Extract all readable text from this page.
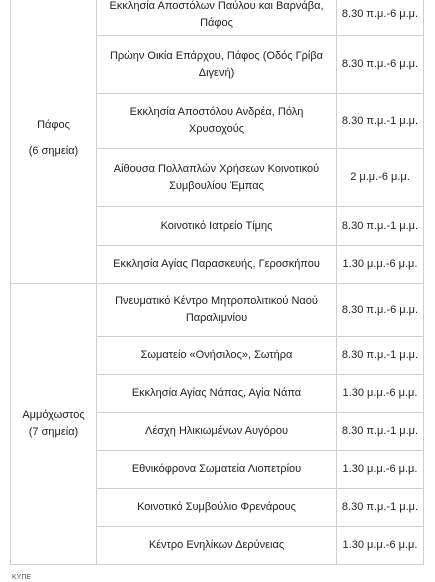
Πάφος
(6 σημεία)	Εκκλησία Αποστόλων Παύλου και Βαρνάβα, Πάφος	8.30 π.μ.-6 μ.μ.
	Πρώην Οικία Επάρχου, Πάφος (Οδός Γρίβα Διγενή)	8.30 π.μ.-6 μ.μ.
	Εκκλησία Αποστόλου Ανδρέα, Πόλη Χρυσοχούς	8.30 π.μ.-1 μ.μ.
	Αίθουσα Πολλαπλών Χρήσεων Κοινοτικού Συμβουλίου Έμπας	2 μ.μ.-6 μ.μ.
	Κοινοτικό Ιατρείο Τίμης	8.30 π.μ.-1 μ.μ.
	Εκκλησία Αγίας Παρασκευής, Γεροσκήπου	1.30 μ.μ.-6 μ.μ.

Αμμόχωστος
(7 σημεία)	Πνευματικό Κέντρο Μητροπολιτικού Ναού Παραλιμνίου	8.30 π.μ.-6 μ.μ.
	Σωματείο «Ονήσιλος», Σωτήρα	8.30 π.μ.-1 μ.μ.
	Εκκλησία Αγίας Νάπας, Αγία Νάπα	1.30 μ.μ.-6 μ.μ.
	Λέσχη Ηλικιωμένων Αυγόρου	8.30 π.μ.-1 μ.μ.
	Εθνικόφρονα Σωματεία Λιοπετρίου	1.30 μ.μ.-6 μ.μ.
	Κοινοτικό Συμβούλιο Φρενάρους	8.30 π.μ.-1 μ.μ.
	Κέντρο Ενηλίκων Δερύνειας	1.30 μ.μ.-6 μ.μ.
ΚΥΠΕ
